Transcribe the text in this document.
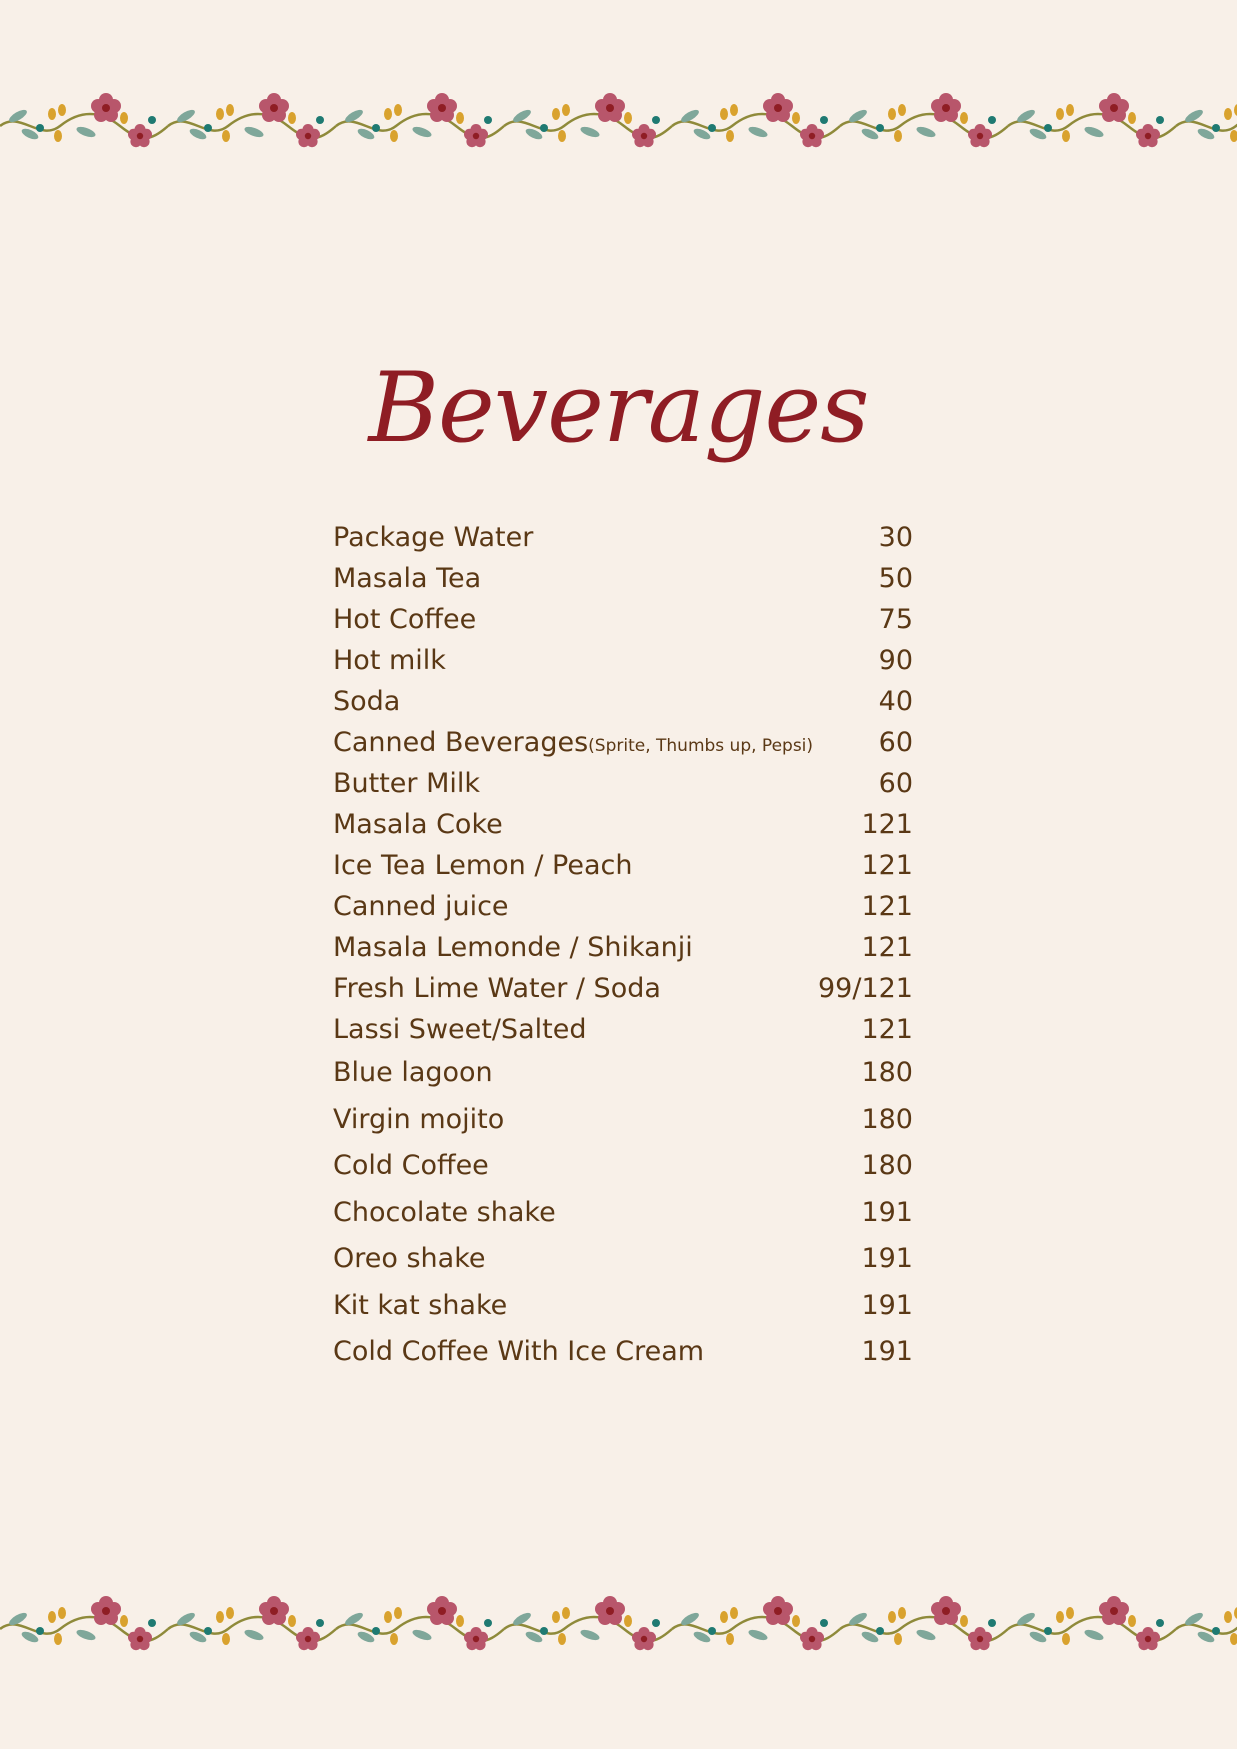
Beverages
Package Water	30
Masala Tea	50
Hot Coffee	75
Hot milk	90
Soda	40
Canned Beverages(Sprite, Thumbs up, Pepsi) 60
Butter Milk	60
Masala Coke	121
Ice Tea Lemon / Peach	121
Canned juice	121
Masala Lemonde / Shikanji	121
Fresh Lime Water / Soda	99/121
Lassi Sweet/Salted	121
Blue lagoon	180
Virgin mojito	180
Cold Coffee	180
Chocolate shake	191
Oreo shake	191
Kit kat shake	191
Cold Coffee With Ice Cream	191
